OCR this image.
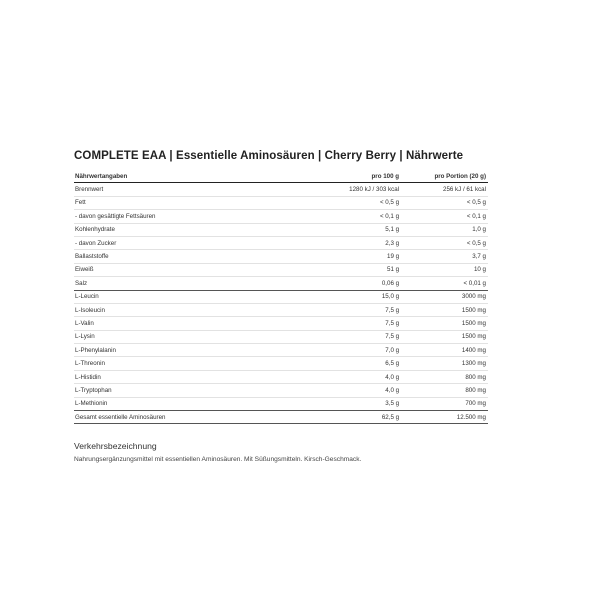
COMPLETE EAA | Essentielle Aminosäuren | Cherry Berry | Nährwerte
Nährwertangaben	pro 100 g	pro Portion (20 g)
Brennwert	1280 kJ / 303 kcal	256 kJ / 61 kcal
Fett	< 0,5 g	< 0,5 g
- davon gesättigte Fettsäuren	< 0,1 g	< 0,1 g
Kohlenhydrate	5,1 g	1,0 g
- davon Zucker	2,3 g	< 0,5 g
Ballaststoffe	19 g	3,7 g
Eiweiß	51 g	10 g
Salz	0,06 g	< 0,01 g
L-Leucin	15,0 g	3000 mg
L-Isoleucin	7,5 g	1500 mg
L-Valin	7,5 g	1500 mg
L-Lysin	7,5 g	1500 mg
L-Phenylalanin	7,0 g	1400 mg
L-Threonin	6,5 g	1300 mg
L-Histidin	4,0 g	800 mg
L-Tryptophan	4,0 g	800 mg
L-Methionin	3,5 g	700 mg
Gesamt essentielle Aminosäuren	62,5 g	12.500 mg
Verkehrsbezeichnung
Nahrungsergänzungsmittel mit essentiellen Aminosäuren. Mit Süßungsmitteln. Kirsch-Geschmack.
